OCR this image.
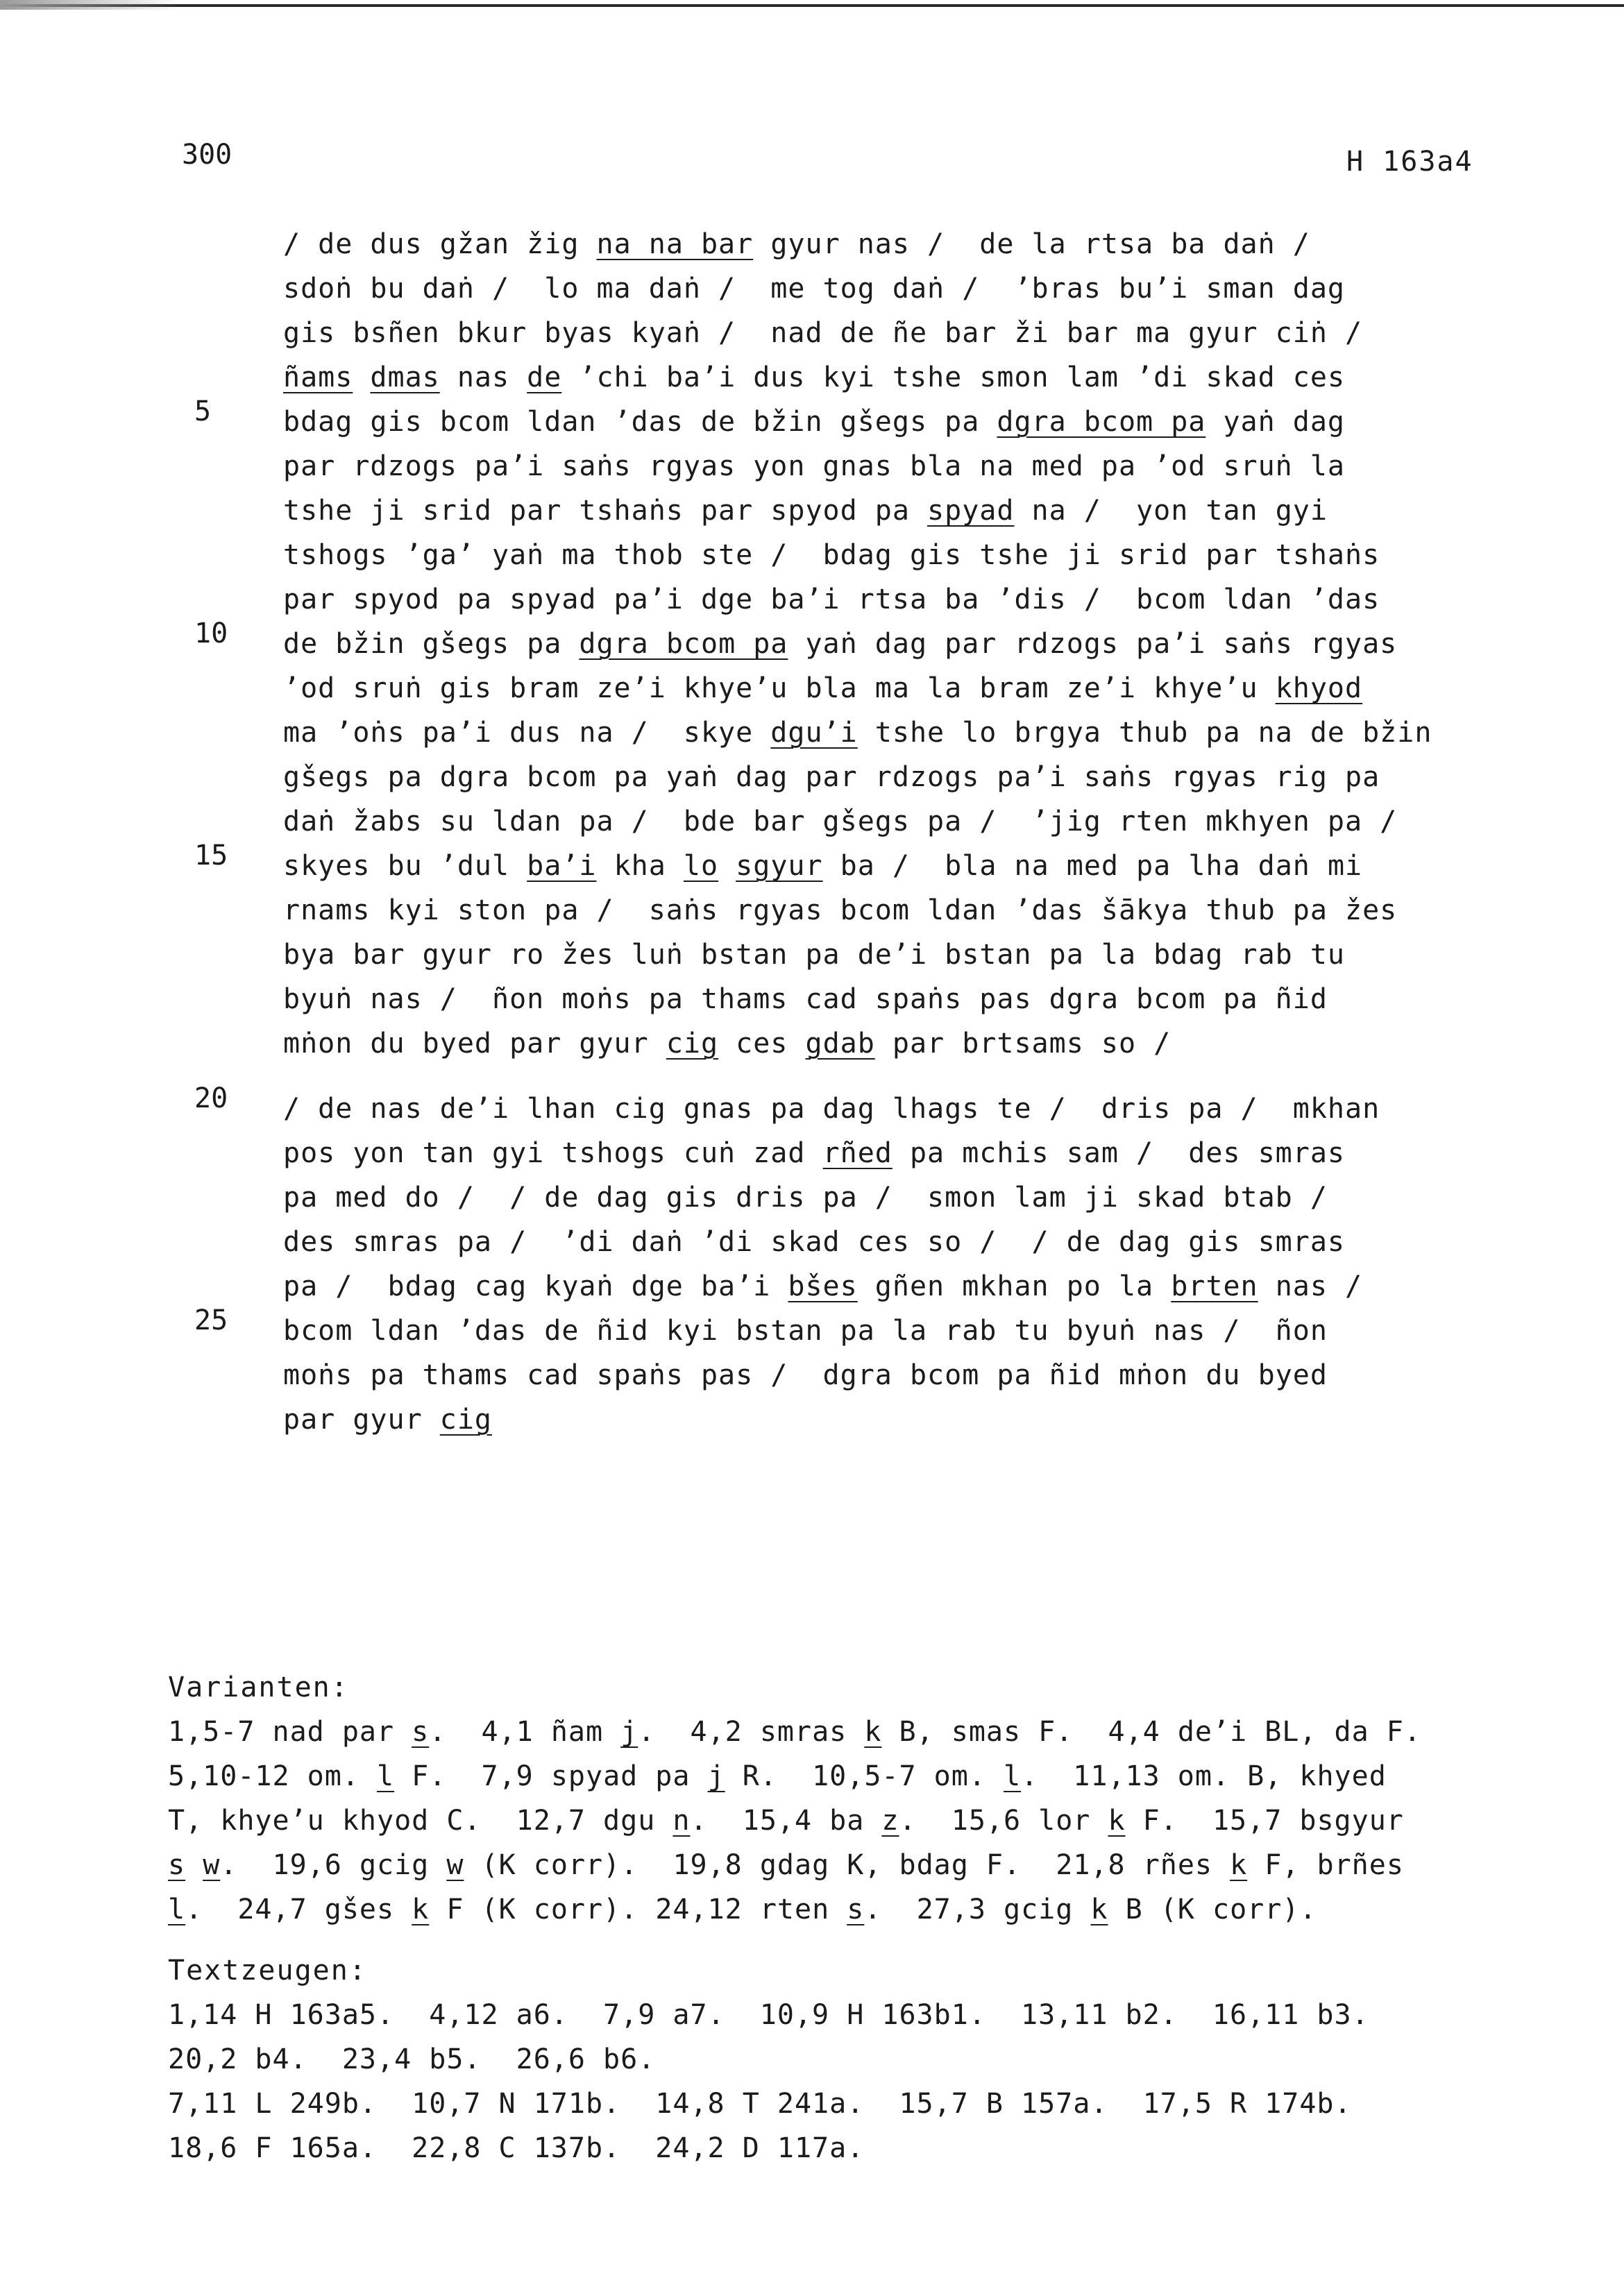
300	H 163a4
5
10
15
20
25
/ de dus gžan žig na na bar gyur nas /  de la rtsa ba daṅ /
sdoṅ bu daṅ /  lo ma daṅ /  me tog daṅ /  ’bras bu’i sman dag
gis bsñen bkur byas kyaṅ /  nad de ñe bar ži bar ma gyur ciṅ /
ñams dmas nas de ’chi ba’i dus kyi tshe smon lam ’di skad ces
bdag gis bcom ldan ’das de bžin gšegs pa dgra bcom pa yaṅ dag
par rdzogs pa’i saṅs rgyas yon gnas bla na med pa ’od sruṅ la
tshe ji srid par tshaṅs par spyod pa spyad na /  yon tan gyi
tshogs ’ga’ yaṅ ma thob ste /  bdag gis tshe ji srid par tshaṅs
par spyod pa spyad pa’i dge ba’i rtsa ba ’dis /  bcom ldan ’das
de bžin gšegs pa dgra bcom pa yaṅ dag par rdzogs pa’i saṅs rgyas
’od sruṅ gis bram ze’i khye’u bla ma la bram ze’i khye’u khyod
ma ’oṅs pa’i dus na /  skye dgu’i tshe lo brgya thub pa na de bžin
gšegs pa dgra bcom pa yaṅ dag par rdzogs pa’i saṅs rgyas rig pa
daṅ žabs su ldan pa /  bde bar gšegs pa /  ’jig rten mkhyen pa /
skyes bu ’dul ba’i kha lo sgyur ba /  bla na med pa lha daṅ mi
rnams kyi ston pa /  saṅs rgyas bcom ldan ’das šākya thub pa žes
bya bar gyur ro žes luṅ bstan pa de’i bstan pa la bdag rab tu
byuṅ nas /  ñon moṅs pa thams cad spaṅs pas dgra bcom pa ñid
mṅon du byed par gyur cig ces gdab par brtsams so /
/ de nas de’i lhan cig gnas pa dag lhags te /  dris pa /  mkhan
pos yon tan gyi tshogs cuṅ zad rñed pa mchis sam /  des smras
pa med do /  / de dag gis dris pa /  smon lam ji skad btab /
des smras pa /  ’di daṅ ’di skad ces so /  / de dag gis smras
pa /  bdag cag kyaṅ dge ba’i bšes gñen mkhan po la brten nas /
bcom ldan ’das de ñid kyi bstan pa la rab tu byuṅ nas /  ñon
moṅs pa thams cad spaṅs pas /  dgra bcom pa ñid mṅon du byed
par gyur cig
Varianten:
1,5-7 nad par s.  4,1 ñam j.  4,2 smras k B, smas F.  4,4 de’i BL, da F.
5,10-12 om. l F.  7,9 spyad pa j R.  10,5-7 om. l.  11,13 om. B, khyed
T, khye’u khyod C.  12,7 dgu n.  15,4 ba z.  15,6 lor k F.  15,7 bsgyur
s w.  19,6 gcig w (K corr).  19,8 gdag K, bdag F.  21,8 rñes k F, brñes
l.  24,7 gšes k F (K corr). 24,12 rten s.  27,3 gcig k B (K corr).
Textzeugen:
1,14 H 163a5.  4,12 a6.  7,9 a7.  10,9 H 163b1.  13,11 b2.  16,11 b3.
20,2 b4.  23,4 b5.  26,6 b6.
7,11 L 249b.  10,7 N 171b.  14,8 T 241a.  15,7 B 157a.  17,5 R 174b.
18,6 F 165a.  22,8 C 137b.  24,2 D 117a.
